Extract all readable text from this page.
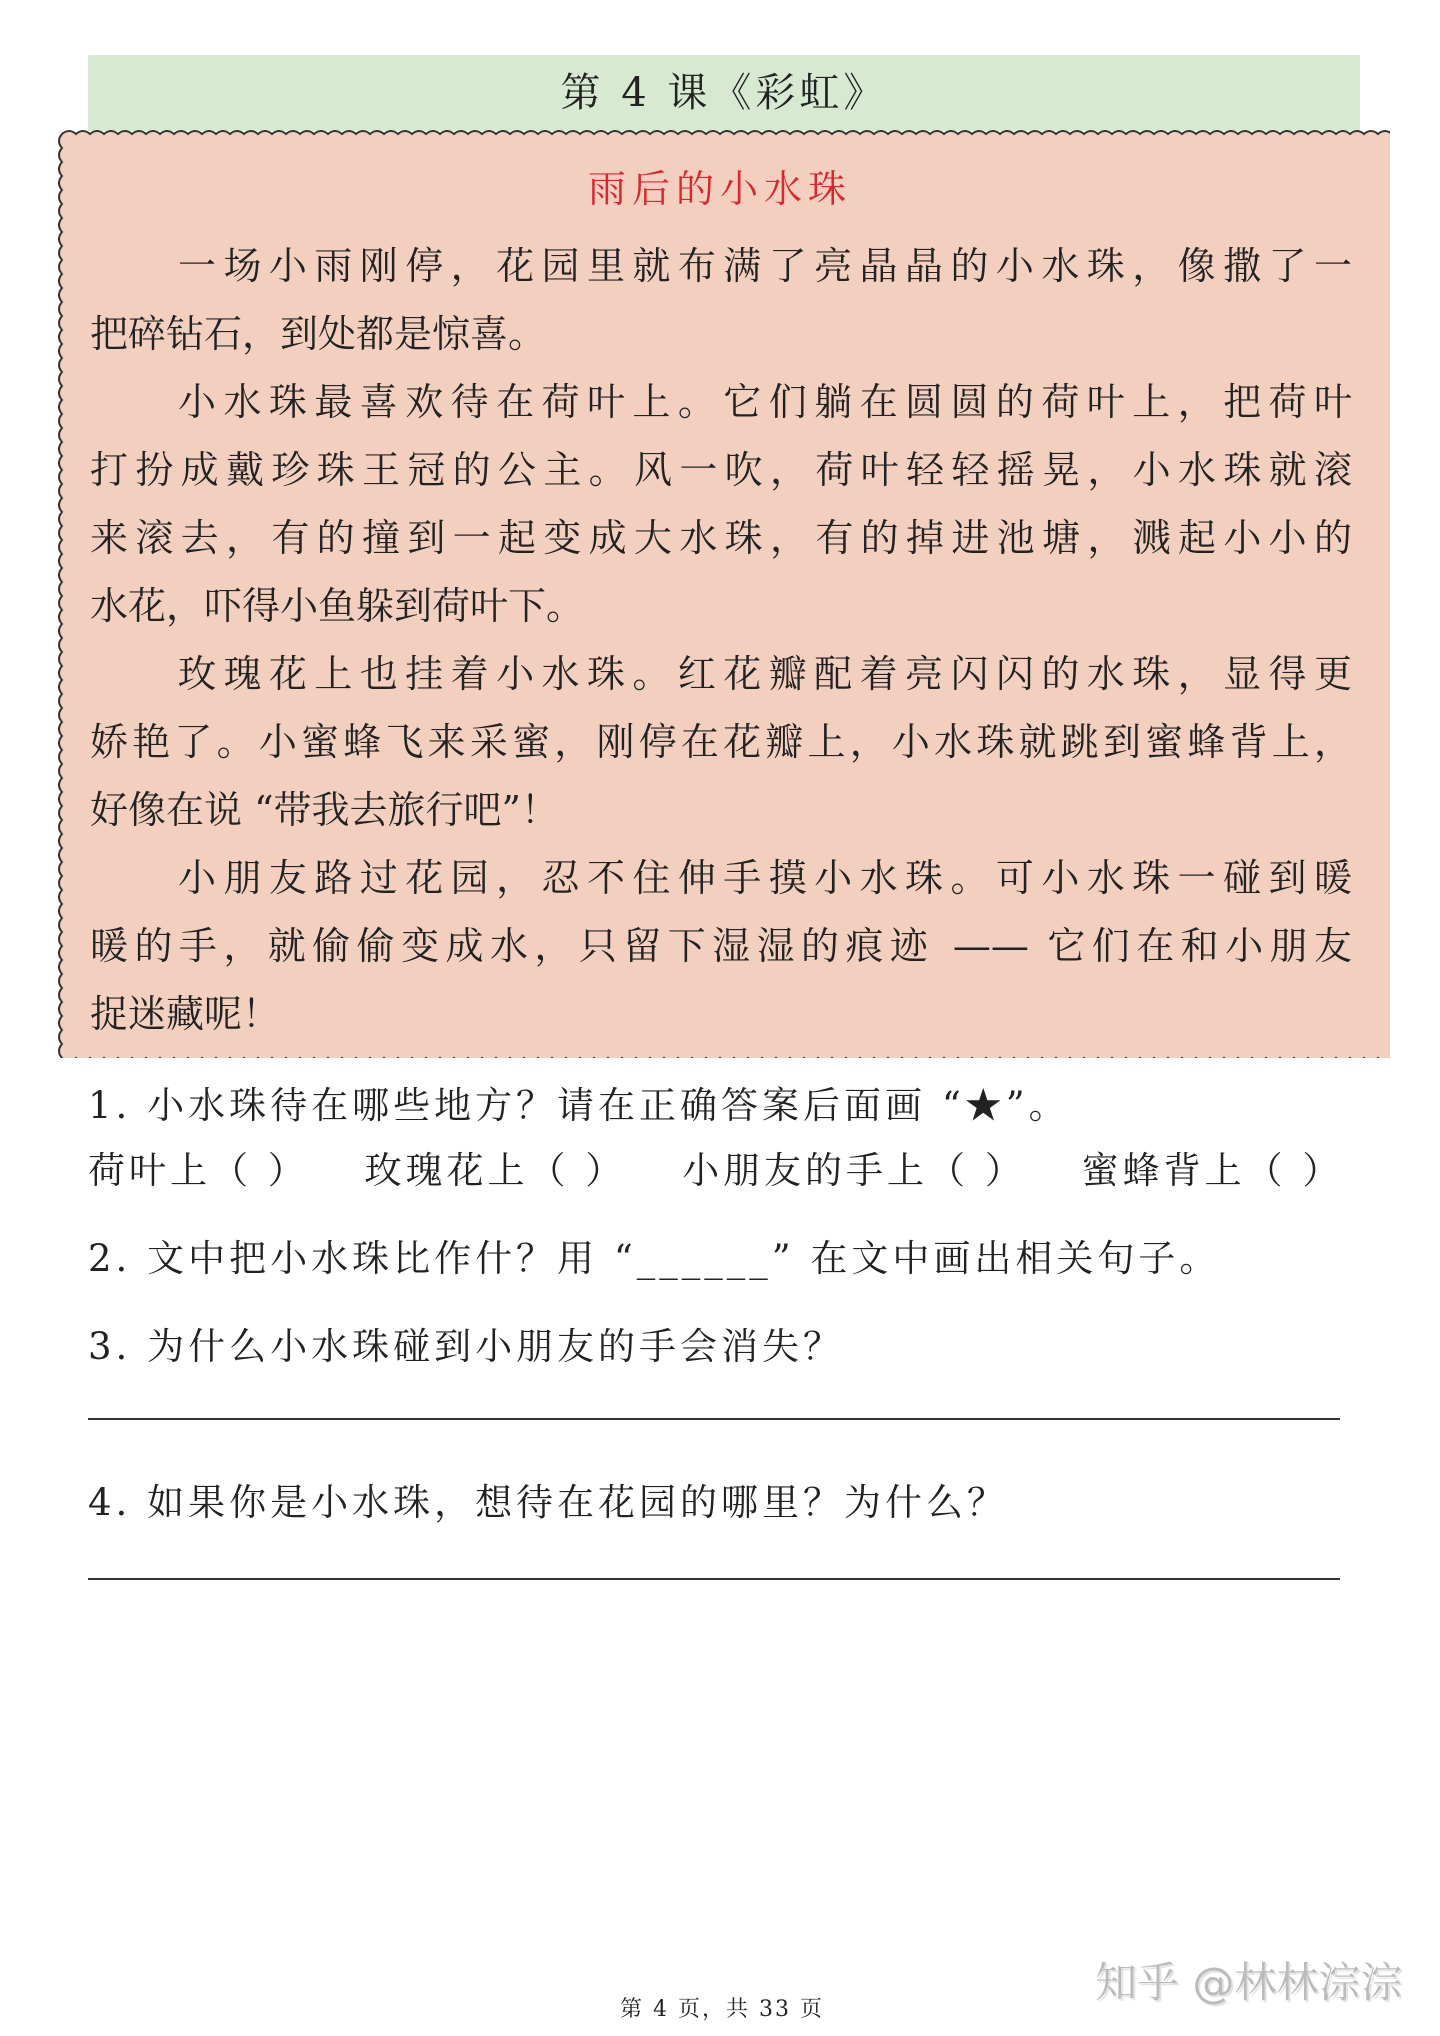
第 4 课《彩虹》
雨后的小水珠
一场小雨刚停，花园里就布满了亮晶晶的小水珠，像撒了一
把碎钻石，到处都是惊喜。
小水珠最喜欢待在荷叶上。它们躺在圆圆的荷叶上，把荷叶
打扮成戴珍珠王冠的公主。风一吹，荷叶轻轻摇晃，小水珠就滚
来滚去，有的撞到一起变成大水珠，有的掉进池塘，溅起小小的
水花，吓得小鱼躲到荷叶下。
玫瑰花上也挂着小水珠。红花瓣配着亮闪闪的水珠，显得更
娇艳了。小蜜蜂飞来采蜜，刚停在花瓣上，小水珠就跳到蜜蜂背上，
好像在说 “带我去旅行吧”！
小朋友路过花园，忍不住伸手摸小水珠。可小水珠一碰到暖
暖的手，就偷偷变成水，只留下湿湿的痕迹 —— 它们在和小朋友
捉迷藏呢！
1. 小水珠待在哪些地方？请在正确答案后面画 “★”。
荷叶上（ ） 玫瑰花上（ ） 小朋友的手上（ ） 蜜蜂背上（ ）
2. 文中把小水珠比作什？用 “______” 在文中画出相关句子。
3. 为什么小水珠碰到小朋友的手会消失？
4. 如果你是小水珠，想待在花园的哪里？为什么？
知乎 @林林淙淙
第 4 页，共 33 页
